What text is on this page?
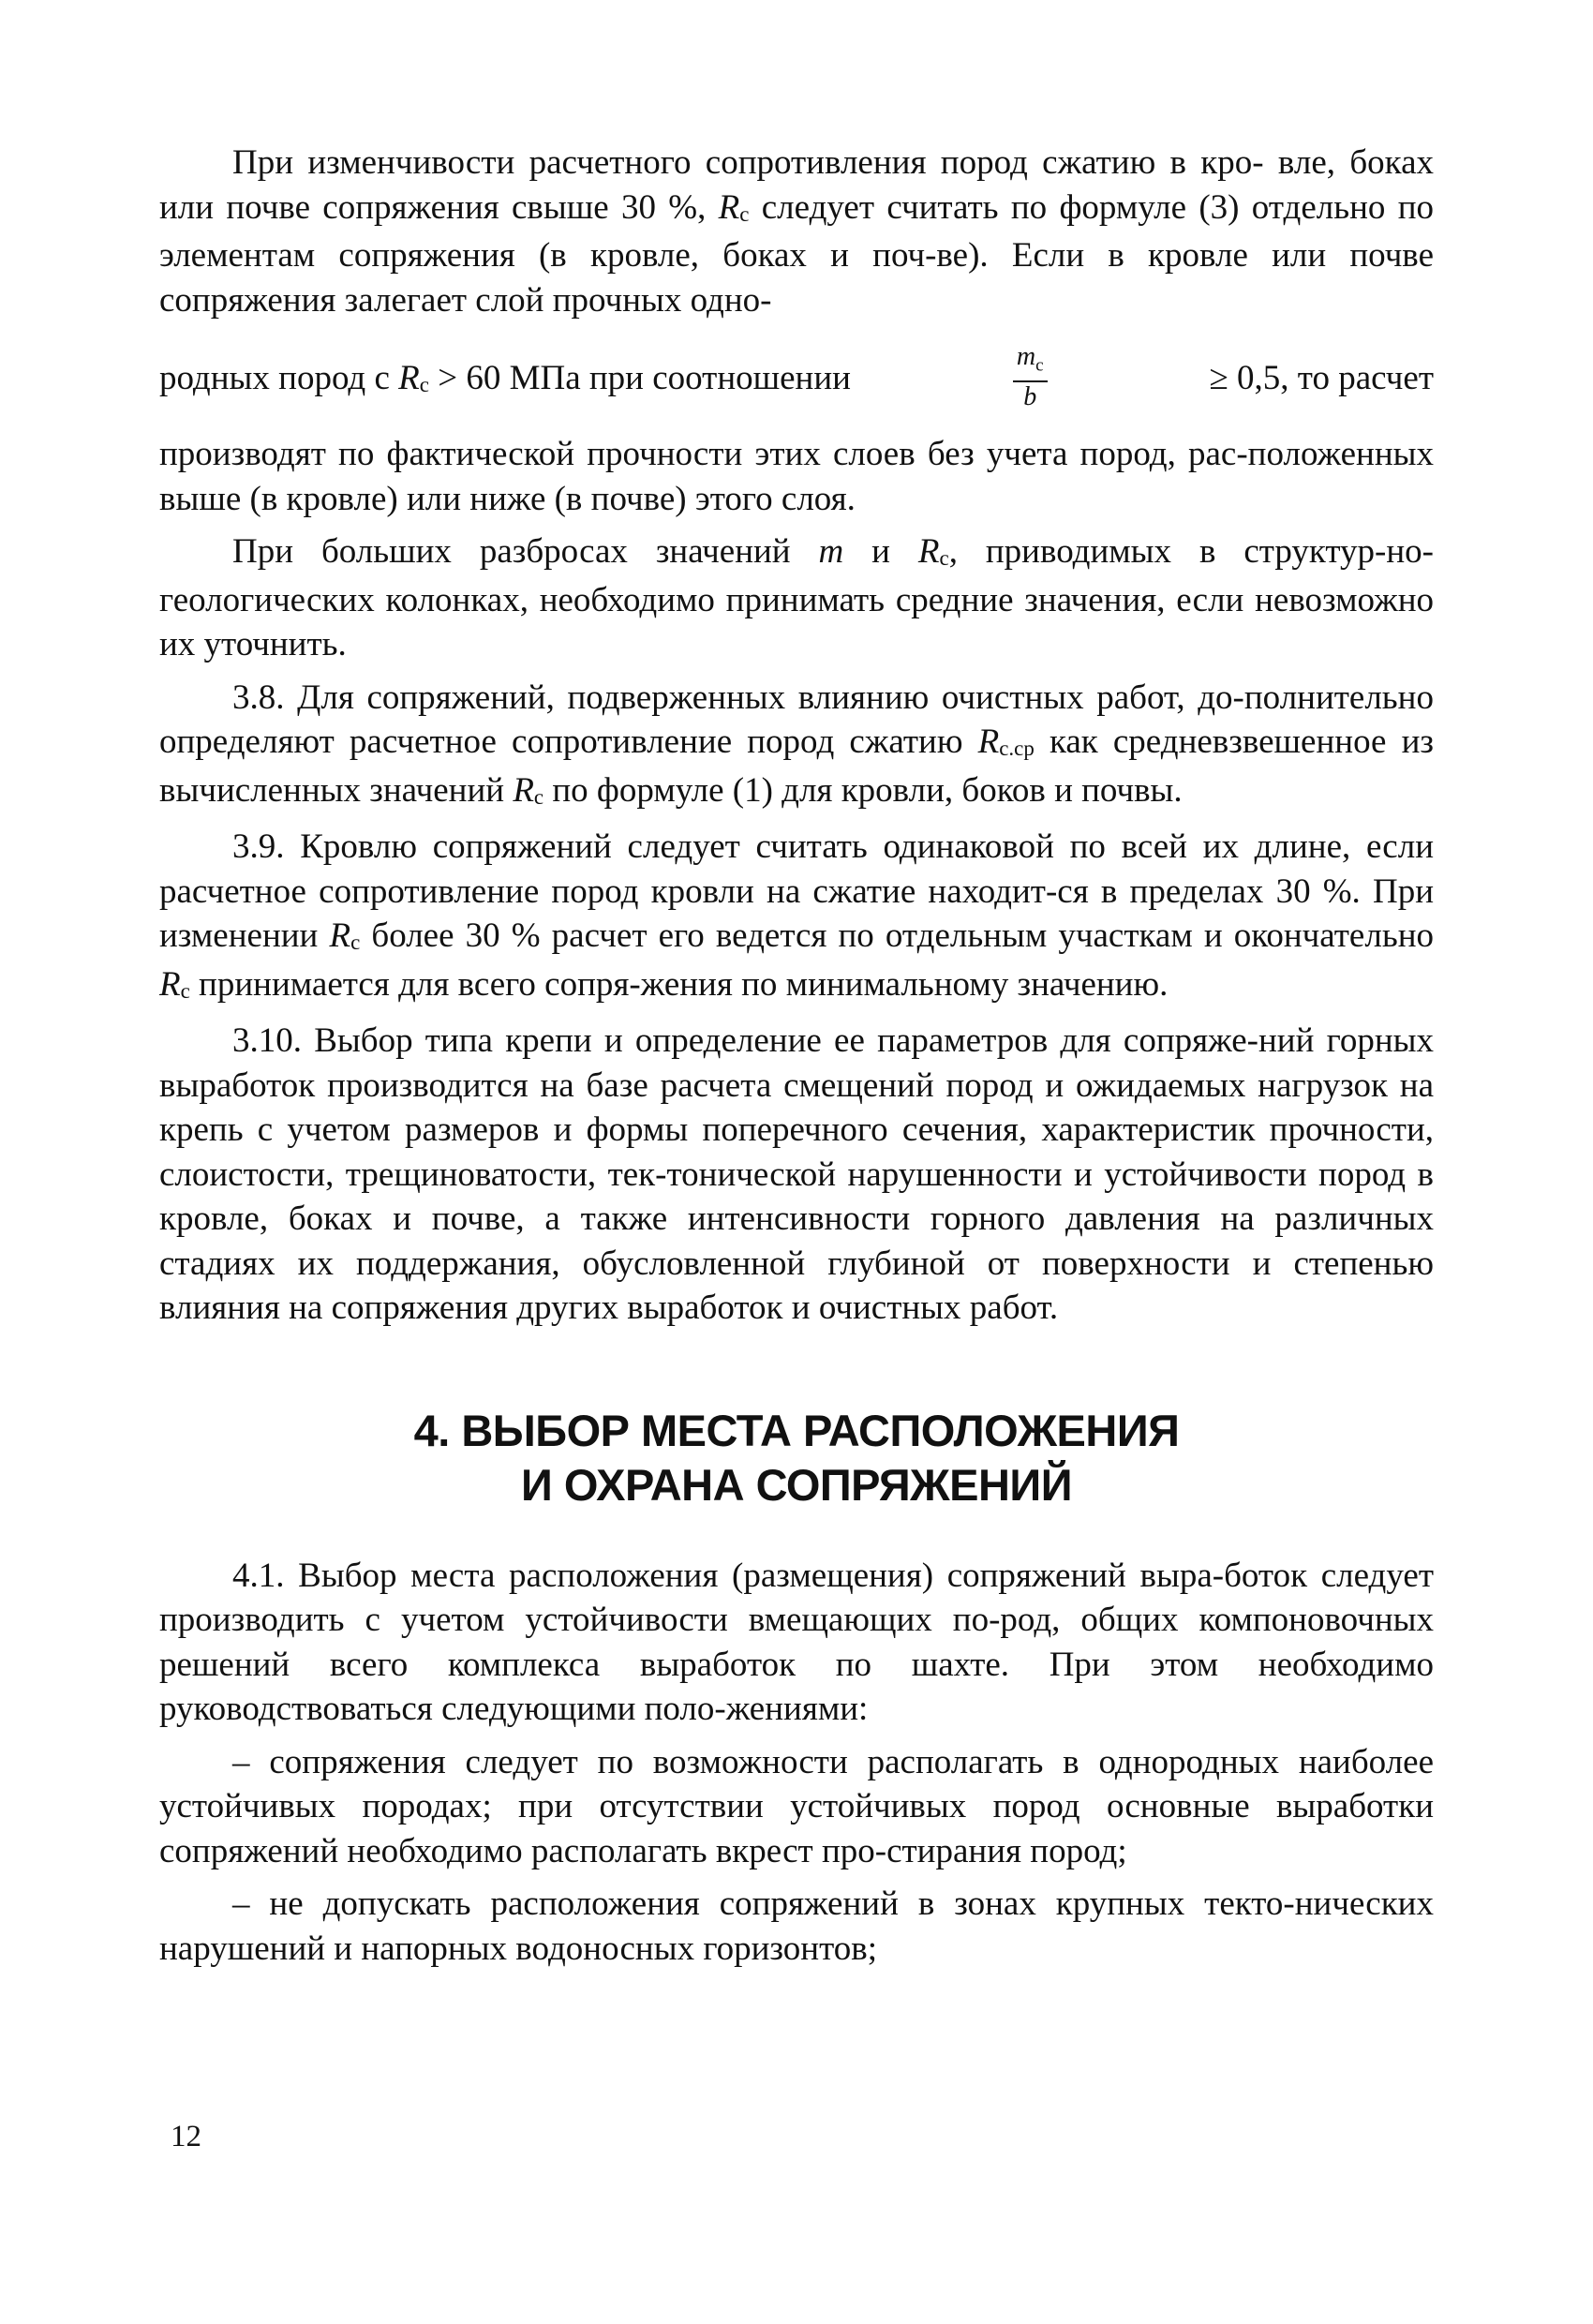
При изменчивости расчетного сопротивления пород сжатию в кро- вле, боках или почве сопряжения свыше 30 %, Rc следует считать по формуле (3) отдельно по элементам сопряжения (в кровле, боках и поч-ве). Если в кровле или почве сопряжения залегает слой прочных одно-

родных пород с Rc > 60 МПа при соотношении	$\frac{m_c}{b}$	≥ 0,5, то расчет

производят по фактической прочности этих слоев без учета пород, рас-положенных выше (в кровле) или ниже (в почве) этого слоя.

При больших разбросах значений m и Rc, приводимых в структур-но-геологических колонках, необходимо принимать средние значения, если невозможно их уточнить.

3.8. Для сопряжений, подверженных влиянию очистных работ, до-полнительно определяют расчетное сопротивление пород сжатию Rc.ср как средневзвешенное из вычисленных значений Rc по формуле (1) для кровли, боков и почвы.

3.9. Кровлю сопряжений следует считать одинаковой по всей их длине, если расчетное сопротивление пород кровли на сжатие находит-ся в пределах 30 %. При изменении Rc более 30 % расчет его ведется по отдельным участкам и окончательно Rc принимается для всего сопря-жения по минимальному значению.

3.10. Выбор типа крепи и определение ее параметров для сопряже-ний горных выработок производится на базе расчета смещений пород и ожидаемых нагрузок на крепь с учетом размеров и формы поперечного сечения, характеристик прочности, слоистости, трещиноватости, тек-тонической нарушенности и устойчивости пород в кровле, боках и почве, а также интенсивности горного давления на различных стадиях их поддержания, обусловленной глубиной от поверхности и степенью влияния на сопряжения других выработок и очистных работ.

4. ВЫБОР МЕСТА РАСПОЛОЖЕНИЯ
И ОХРАНА СОПРЯЖЕНИЙ

4.1. Выбор места расположения (размещения) сопряжений выра-боток следует производить с учетом устойчивости вмещающих по-род, общих компоновочных решений всего комплекса выработок по шахте. При этом необходимо руководствоваться следующими поло-жениями:

– сопряжения следует по возможности располагать в однородных наиболее устойчивых породах; при отсутствии устойчивых пород основные выработки сопряжений необходимо располагать вкрест про-стирания пород;

– не допускать расположения сопряжений в зонах крупных текто-нических нарушений и напорных водоносных горизонтов;

12
